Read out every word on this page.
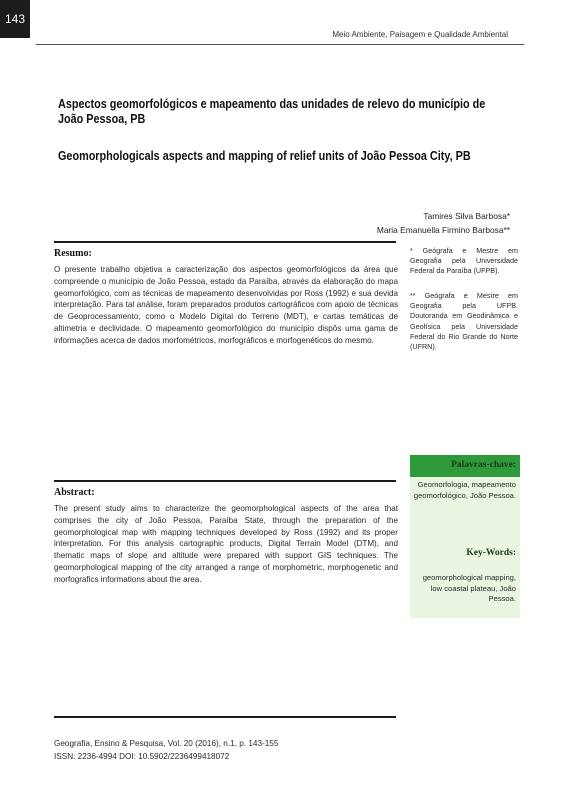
143
Meio Ambiente, Paisagem e Qualidade Ambiental
Aspectos geomorfológicos e mapeamento das unidades de relevo do município de João Pessoa, PB
Geomorphologicals aspects and mapping of relief units of João Pessoa City, PB
Tamires Silva Barbosa*
Maria Emanuella Firmino Barbosa**
Resumo:
O presente trabalho objetiva a caracterização dos aspectos geomorfológicos da área que compreende o município de João Pessoa, estado da Paraíba, através da elaboração do mapa geomorfológico, com as técnicas de mapeamento desenvolvidas por Ross (1992) e sua devida interpretação. Para tal análise, foram preparados produtos cartográficos com apoio de técnicas de Geoprocessamento, como o Modelo Digital do Terreno (MDT), e cartas temáticas de altimetria e declividade. O mapeamento geomorfológico do município dispôs uma gama de informações acerca de dados morfométricos, morfográficos e morfogenéticos do mesmo.
* Geógrafa e Mestre em Geografia pela Universidade Federal da Paraíba (UFPB).
** Geógrafa e Mestre em Geografia pela UFPB. Doutoranda em Geodinâmica e Geofísica pela Universidade Federal do Rio Grande do Norte (UFRN).
Palavras-chave:
Geomorfologia, mapeamento geomorfológico, João Pessoa.
Key-Words:
geomorphological mapping, low coastal plateau, João Pessoa.
Abstract:
The present study aims to characterize the geomorphological aspects of the area that comprises the city of João Pessoa, Paraíba State, through the preparation of the geomorphological map with mapping techniques developed by Ross (1992) and its proper interpretation. For this analysis cartographic products, Digital Terrain Model (DTM), and thematic maps of slope and altitude were prepared with support GIS techniques. The geomorphological mapping of the city arranged a range of morphometric, morphogenetic and morfografics informations about the area.
Geografia, Ensino & Pesquisa, Vol. 20 (2016), n.1, p. 143-155
ISSN: 2236-4994 DOI: 10.5902/2236499418072
